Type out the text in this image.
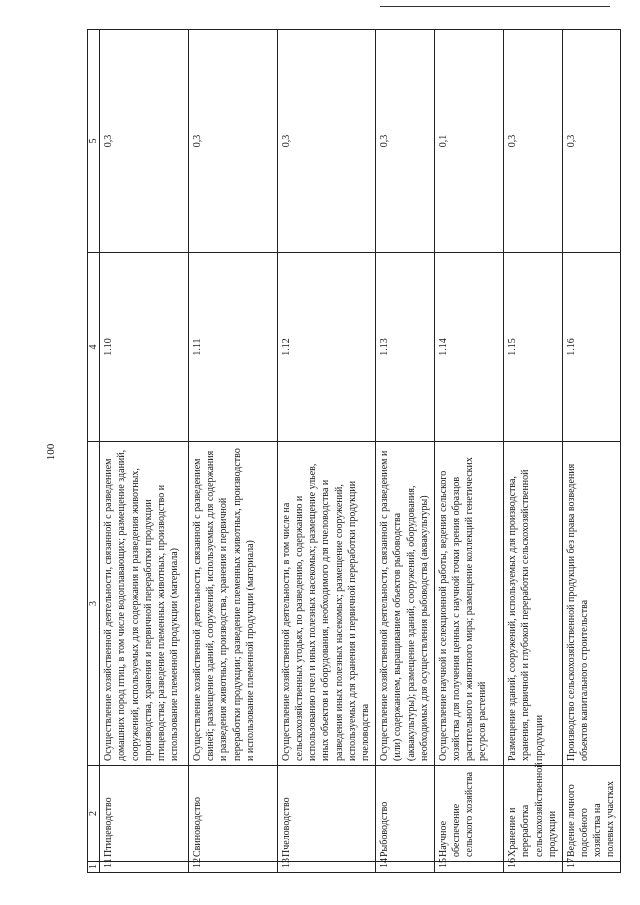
100
1	2	3	4	5
11	Птицеводство	Осуществление хозяйственной деятельности, связанной с разведением домашних пород птиц, в том числе водоплавающих; размещение зданий, сооружений, используемых для содержания и разведения животных, производства, хранения и первичной переработки продукции птицеводства; разведение племенных животных, производство и использование племенной продукции (материала)	1.10	0,3
12	Свиноводство	Осуществление хозяйственной деятельности, связанной с разведением свиней; размещение зданий, сооружений, используемых для содержания и разведения животных, производства, хранения и первичной переработки продукции; разведение племенных животных, производство и использование племенной продукции (материала)	1.11	0,3
13	Пчеловодство	Осуществление хозяйственной деятельности, в том числе на сельскохозяйственных угодьях, по разведению, содержанию и использованию пчел и иных полезных насекомых; размещение ульев, иных объектов и оборудования, необходимого для пчеловодства и разведения иных полезных насекомых; размещение сооружений, используемых для хранения и первичной переработки продукции пчеловодства	1.12	0,3
14	Рыбоводство	Осуществление хозяйственной деятельности, связанной с разведением и (или) содержанием, выращиванием объектов рыбоводства (аквакультуры); размещение зданий, сооружений, оборудования, необходимых для осуществления рыбоводства (аквакультуры)	1.13	0,3
15	Научное обеспечение сельского хозяйства	Осуществление научной и селекционной работы, ведения сельского хозяйства для получения ценных с научной точки зрения образцов растительного и животного мира; размещение коллекций генетических ресурсов растений	1.14	0,1
16	Хранение и переработка сельскохозяйственной продукции	Размещение зданий, сооружений, используемых для производства, хранения, первичной и глубокой переработки сельскохозяйственной продукции	1.15	0,3
17	Ведение личного подсобного хозяйства на полевых участках	Производство сельскохозяйственной продукции без права возведения объектов капитального строительства	1.16	0,3
